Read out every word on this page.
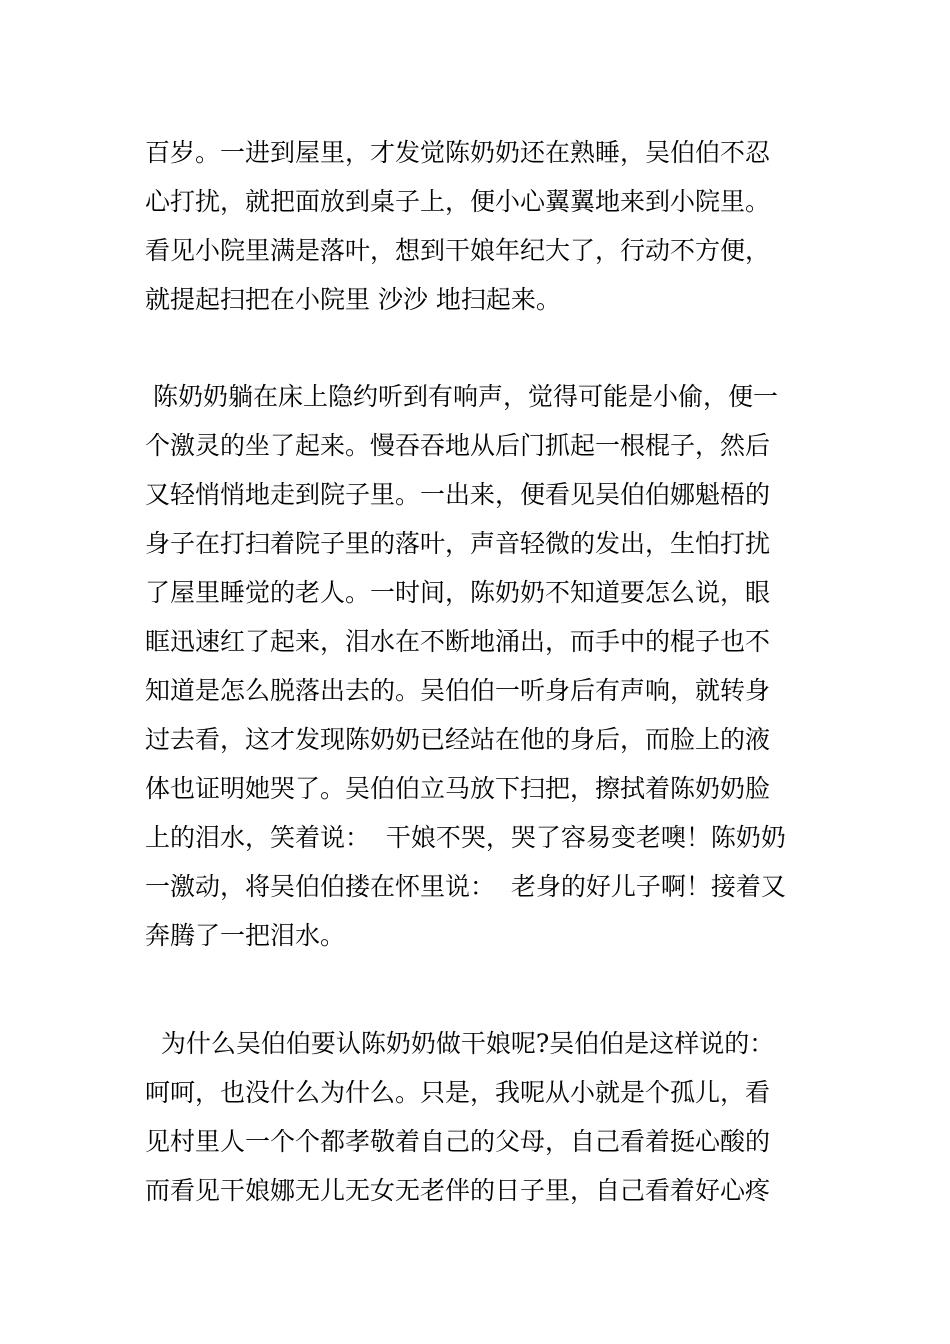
百岁。一进到屋里，才发觉陈奶奶还在熟睡，吴伯伯不忍
心打扰，就把面放到桌子上，便小心翼翼地来到小院里。
看见小院里满是落叶，想到干娘年纪大了，行动不方便，
就提起扫把在小院里 沙沙 地扫起来。
陈奶奶躺在床上隐约听到有响声，觉得可能是小偷，便一
个激灵的坐了起来。慢吞吞地从后门抓起一根棍子，然后
又轻悄悄地走到院子里。一出来，便看见吴伯伯娜魁梧的
身子在打扫着院子里的落叶，声音轻微的发出，生怕打扰
了屋里睡觉的老人。一时间，陈奶奶不知道要怎么说，眼
眶迅速红了起来，泪水在不断地涌出，而手中的棍子也不
知道是怎么脱落出去的。吴伯伯一听身后有声响，就转身
过去看，这才发现陈奶奶已经站在他的身后，而脸上的液
体也证明她哭了。吴伯伯立马放下扫把，擦拭着陈奶奶脸
上的泪水，笑着说：  干娘不哭，哭了容易变老噢！陈奶奶
一激动，将吴伯伯搂在怀里说：  老身的好儿子啊！接着又
奔腾了一把泪水。
为什么吴伯伯要认陈奶奶做干娘呢?吴伯伯是这样说的：
呵呵，也没什么为什么。只是，我呢从小就是个孤儿，看
见村里人一个个都孝敬着自己的父母，自己看着挺心酸的
而看见干娘娜无儿无女无老伴的日子里，自己看着好心疼
